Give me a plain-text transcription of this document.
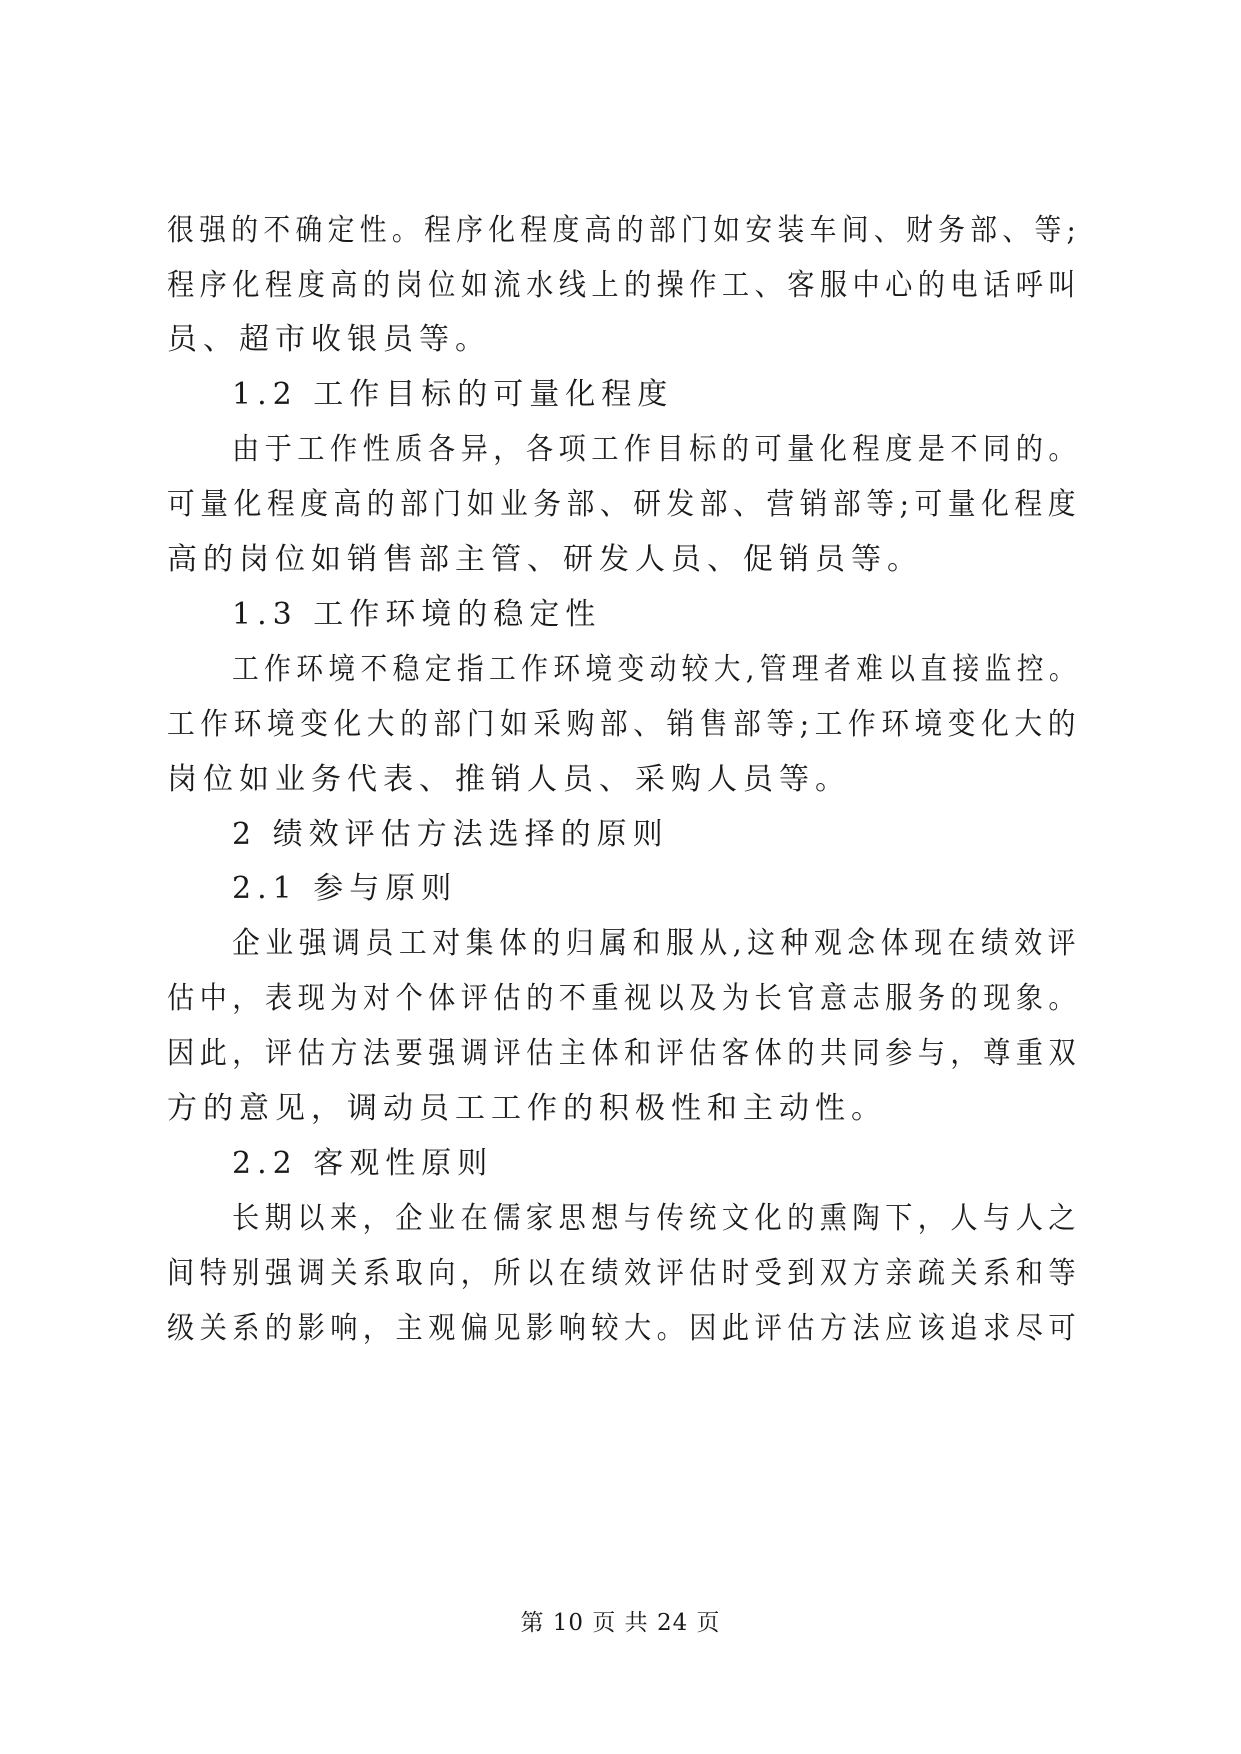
很强的不确定性。程序化程度高的部门如安装车间、财务部、等;
程序化程度高的岗位如流水线上的操作工、客服中心的电话呼叫
员、超市收银员等。
1.2 工作目标的可量化程度
由于工作性质各异，各项工作目标的可量化程度是不同的。
可量化程度高的部门如业务部、研发部、营销部等;可量化程度
高的岗位如销售部主管、研发人员、促销员等。
1.3 工作环境的稳定性
工作环境不稳定指工作环境变动较大,管理者难以直接监控。
工作环境变化大的部门如采购部、销售部等;工作环境变化大的
岗位如业务代表、推销人员、采购人员等。
2 绩效评估方法选择的原则
2.1 参与原则
企业强调员工对集体的归属和服从,这种观念体现在绩效评
估中，表现为对个体评估的不重视以及为长官意志服务的现象。
因此，评估方法要强调评估主体和评估客体的共同参与，尊重双
方的意见，调动员工工作的积极性和主动性。
2.2 客观性原则
长期以来，企业在儒家思想与传统文化的熏陶下，人与人之
间特别强调关系取向，所以在绩效评估时受到双方亲疏关系和等
级关系的影响，主观偏见影响较大。因此评估方法应该追求尽可
第 10 页 共 24 页
